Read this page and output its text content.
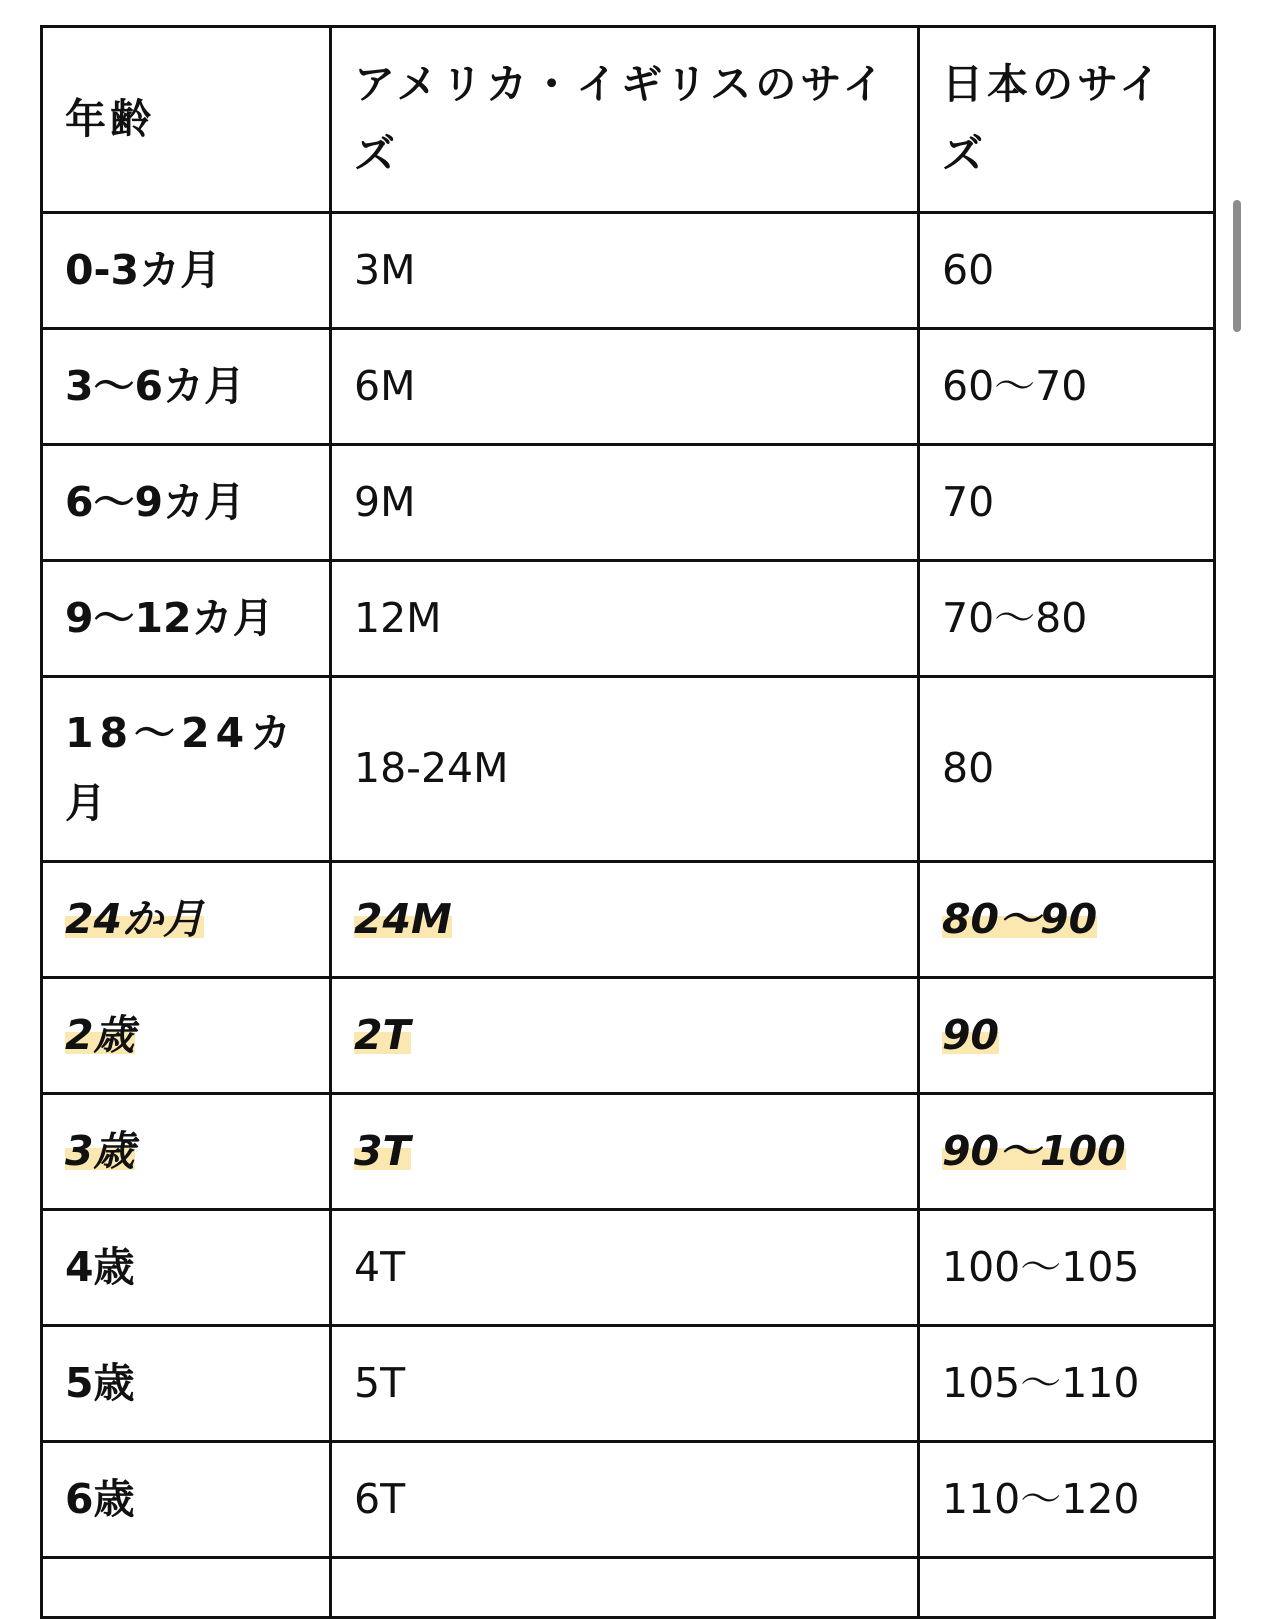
年齢	アメリカ・イギリスのサイズ	日本のサイズ
0-3カ月	3M	60
3〜6カ月	6M	60〜70
6〜9カ月	9M	70
9〜12カ月	12M	70〜80
18〜24カ月	18-24M	80
24か月	24M	80〜90
2歳	2T	90
3歳	3T	90〜100
4歳	4T	100〜105
5歳	5T	105〜110
6歳	6T	110〜120
